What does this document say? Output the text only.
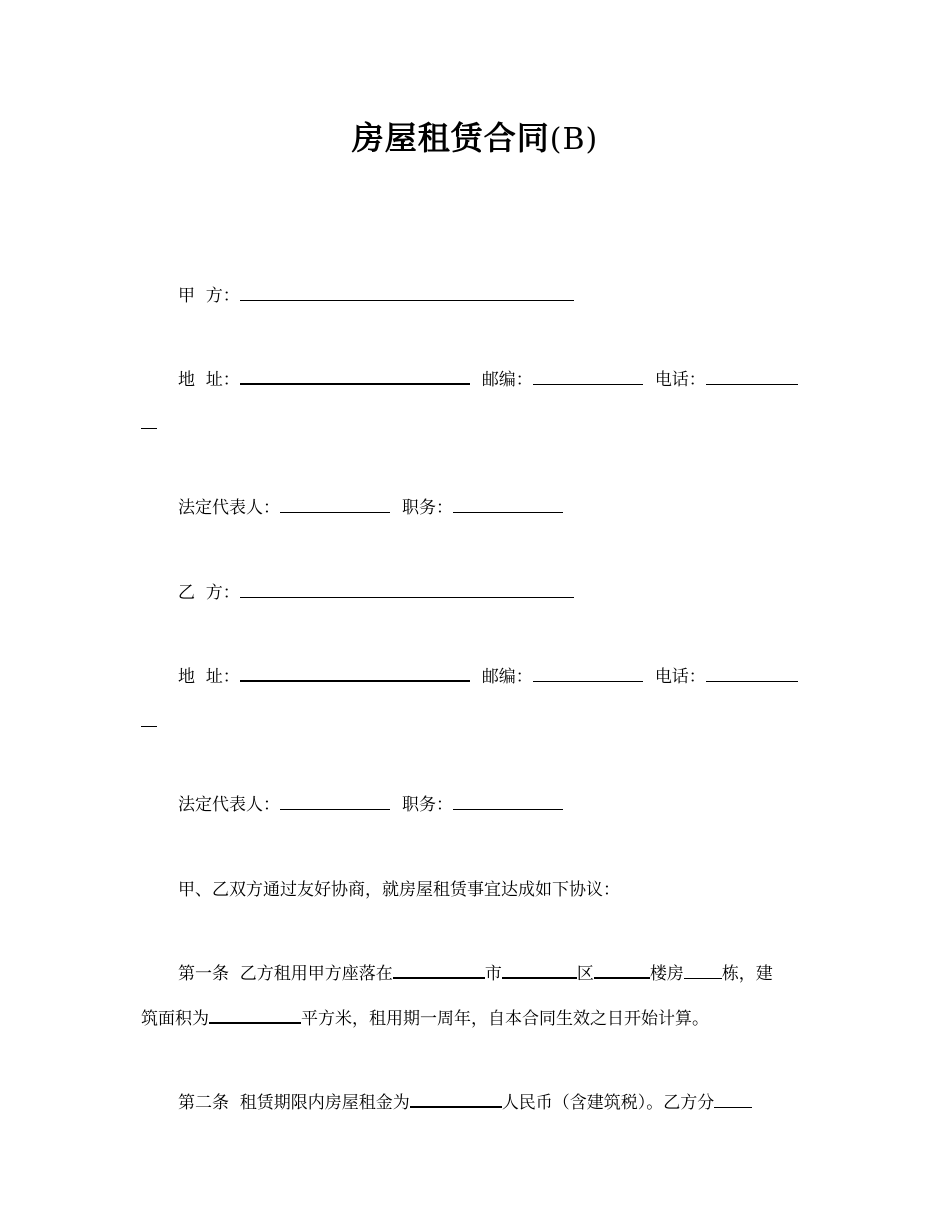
房屋租赁合同(B)
甲  方：
地  址：	邮编：	电话：
法定代表人：	职务：
乙  方：
地  址：	邮编：	电话：
法定代表人：	职务：
甲、乙双方通过友好协商，就房屋租赁事宜达成如下协议：
第一条  乙方租用甲方座落在	市	区	楼房 栋，建
筑面积为	平方米，租用期一周年，自本合同生效之日开始计算。
第二条  租赁期限内房屋租金为	人民币（含建筑税）。乙方分
